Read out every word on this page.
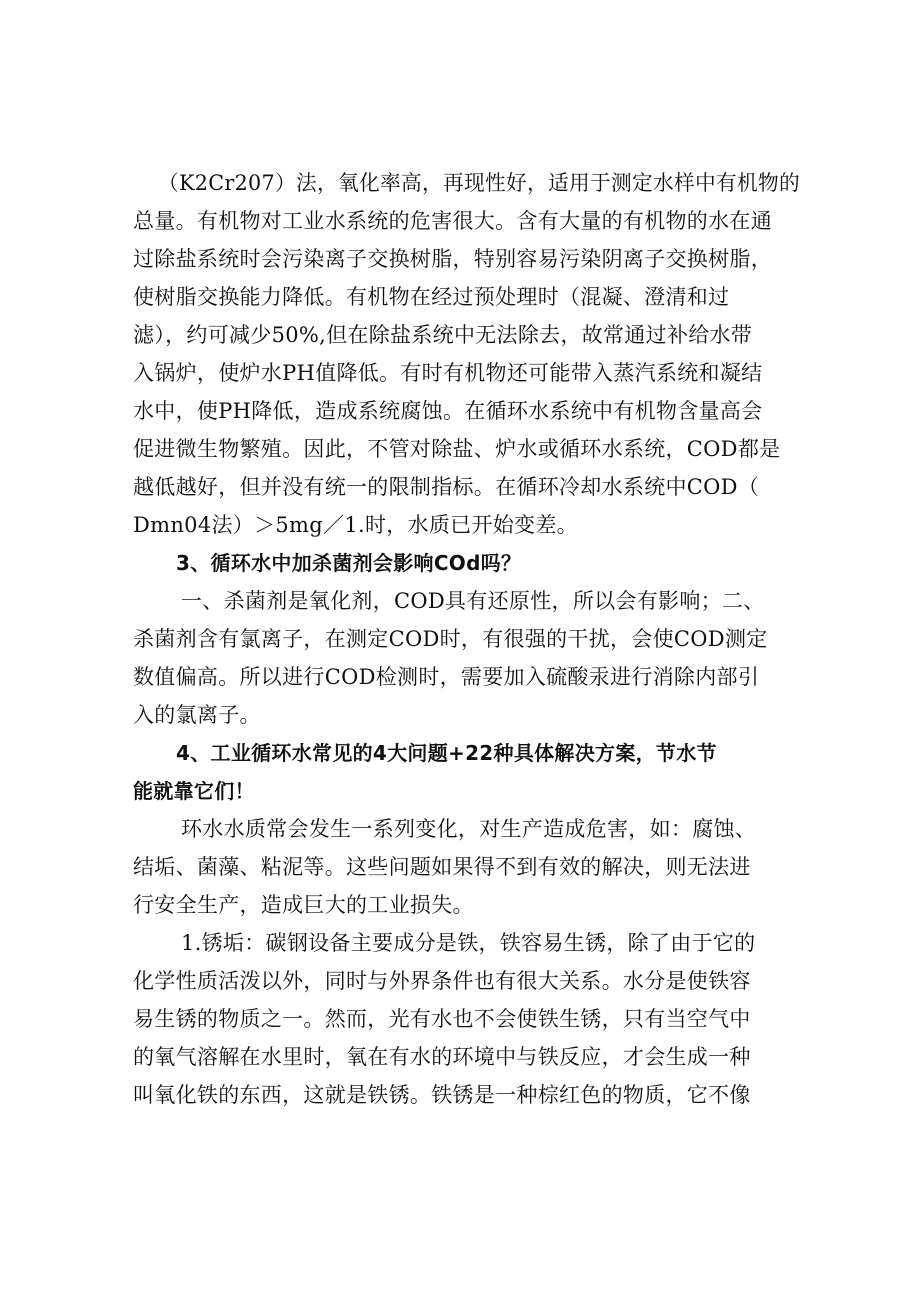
（K2Cr207）法，氧化率高，再现性好，适用于测定水样中有机物的
总量。有机物对工业水系统的危害很大。含有大量的有机物的水在通
过除盐系统时会污染离子交换树脂，特别容易污染阴离子交换树脂，
使树脂交换能力降低。有机物在经过预处理时（混凝、澄清和过
滤），约可减少50%,但在除盐系统中无法除去，故常通过补给水带
入锅炉，使炉水PH值降低。有时有机物还可能带入蒸汽系统和凝结
水中，使PH降低，造成系统腐蚀。在循环水系统中有机物含量高会
促进微生物繁殖。因此，不管对除盐、炉水或循环水系统，COD都是
越低越好，但并没有统一的限制指标。在循环冷却水系统中COD（
Dmn04法）＞5mg／1.时，水质已开始变差。
3、循环水中加杀菌剂会影响COd吗？
一、杀菌剂是氧化剂，COD具有还原性，所以会有影响；二、
杀菌剂含有氯离子，在测定COD时，有很强的干扰，会使COD测定
数值偏高。所以进行COD检测时，需要加入硫酸汞进行消除内部引
入的氯离子。
4、工业循环水常见的4大问题+22种具体解决方案，节水节
能就靠它们！
环水水质常会发生一系列变化，对生产造成危害，如：腐蚀、
结垢、菌藻、粘泥等。这些问题如果得不到有效的解决，则无法进
行安全生产，造成巨大的工业损失。
1.锈垢：碳钢设备主要成分是铁，铁容易生锈，除了由于它的
化学性质活泼以外，同时与外界条件也有很大关系。水分是使铁容
易生锈的物质之一。然而，光有水也不会使铁生锈，只有当空气中
的氧气溶解在水里时，氧在有水的环境中与铁反应，才会生成一种
叫氧化铁的东西，这就是铁锈。铁锈是一种棕红色的物质，它不像
